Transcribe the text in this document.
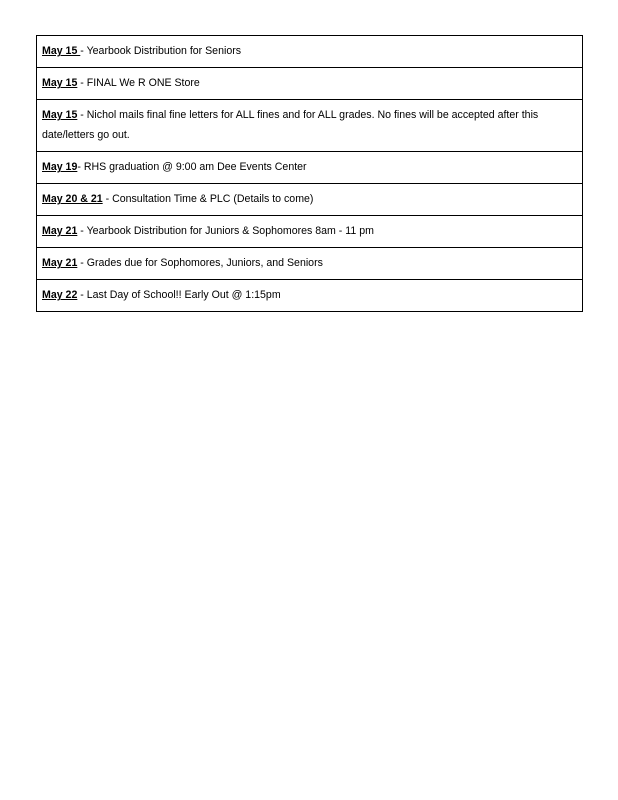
May 15 - Yearbook Distribution for Seniors
May 15 - FINAL We R ONE Store
May 15 - Nichol mails final fine letters for ALL fines and for ALL grades. No fines will be accepted after this date/letters go out.
May 19- RHS graduation @ 9:00 am Dee Events Center
May 20 & 21 - Consultation Time & PLC (Details to come)
May 21 - Yearbook Distribution for Juniors & Sophomores 8am - 11 pm
May 21 - Grades due for Sophomores, Juniors, and Seniors
May 22 - Last Day of School!! Early Out @ 1:15pm
